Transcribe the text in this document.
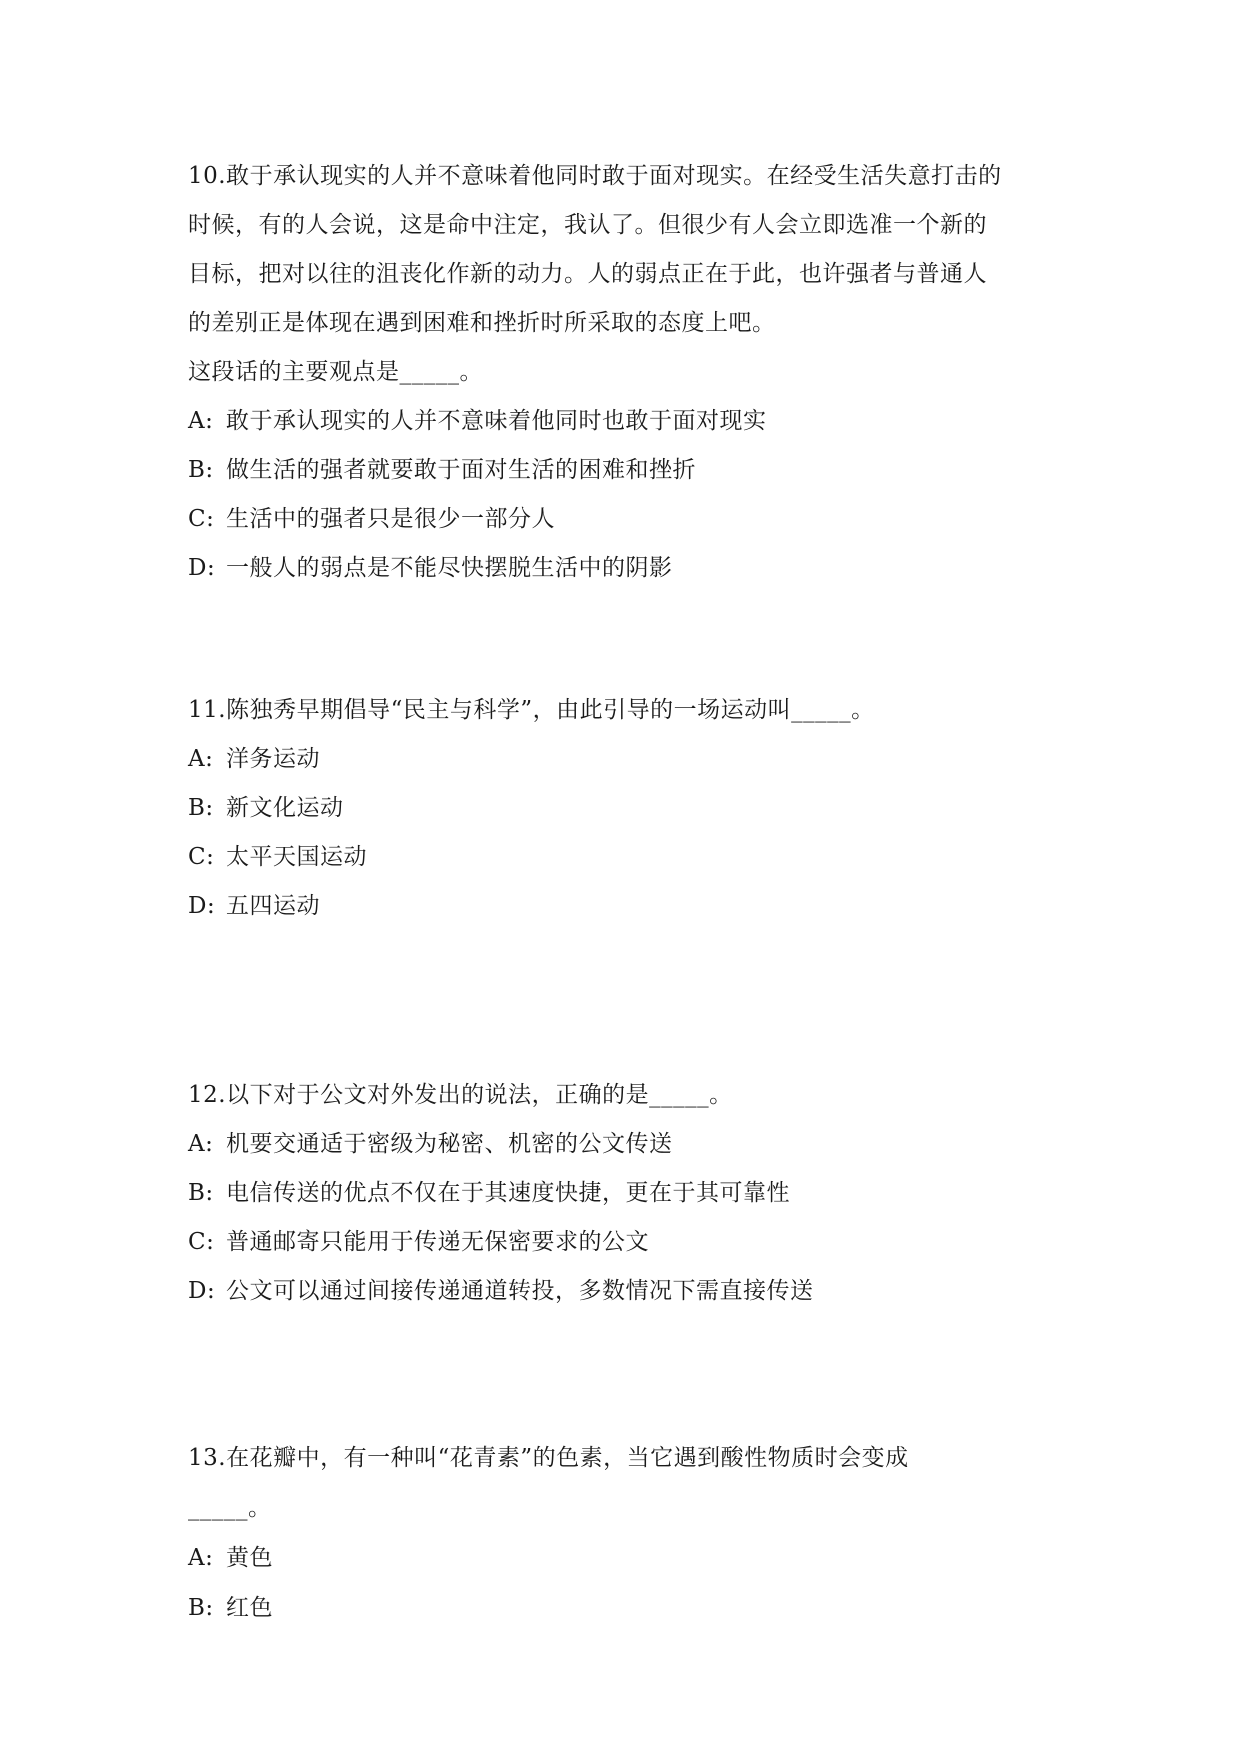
10.敢于承认现实的人并不意味着他同时敢于面对现实。在经受生活失意打击的
时候，有的人会说，这是命中注定，我认了。但很少有人会立即选准一个新的
目标，把对以往的沮丧化作新的动力。人的弱点正在于此，也许强者与普通人
的差别正是体现在遇到困难和挫折时所采取的态度上吧。
这段话的主要观点是_____。
A: 敢于承认现实的人并不意味着他同时也敢于面对现实
B: 做生活的强者就要敢于面对生活的困难和挫折
C: 生活中的强者只是很少一部分人
D: 一般人的弱点是不能尽快摆脱生活中的阴影
11.陈独秀早期倡导“民主与科学”，由此引导的一场运动叫_____。
A: 洋务运动
B: 新文化运动
C: 太平天国运动
D: 五四运动
12.以下对于公文对外发出的说法，正确的是_____。
A: 机要交通适于密级为秘密、机密的公文传送
B: 电信传送的优点不仅在于其速度快捷，更在于其可靠性
C: 普通邮寄只能用于传递无保密要求的公文
D: 公文可以通过间接传递通道转投，多数情况下需直接传送
13.在花瓣中，有一种叫“花青素”的色素，当它遇到酸性物质时会变成
_____。
A: 黄色
B: 红色
